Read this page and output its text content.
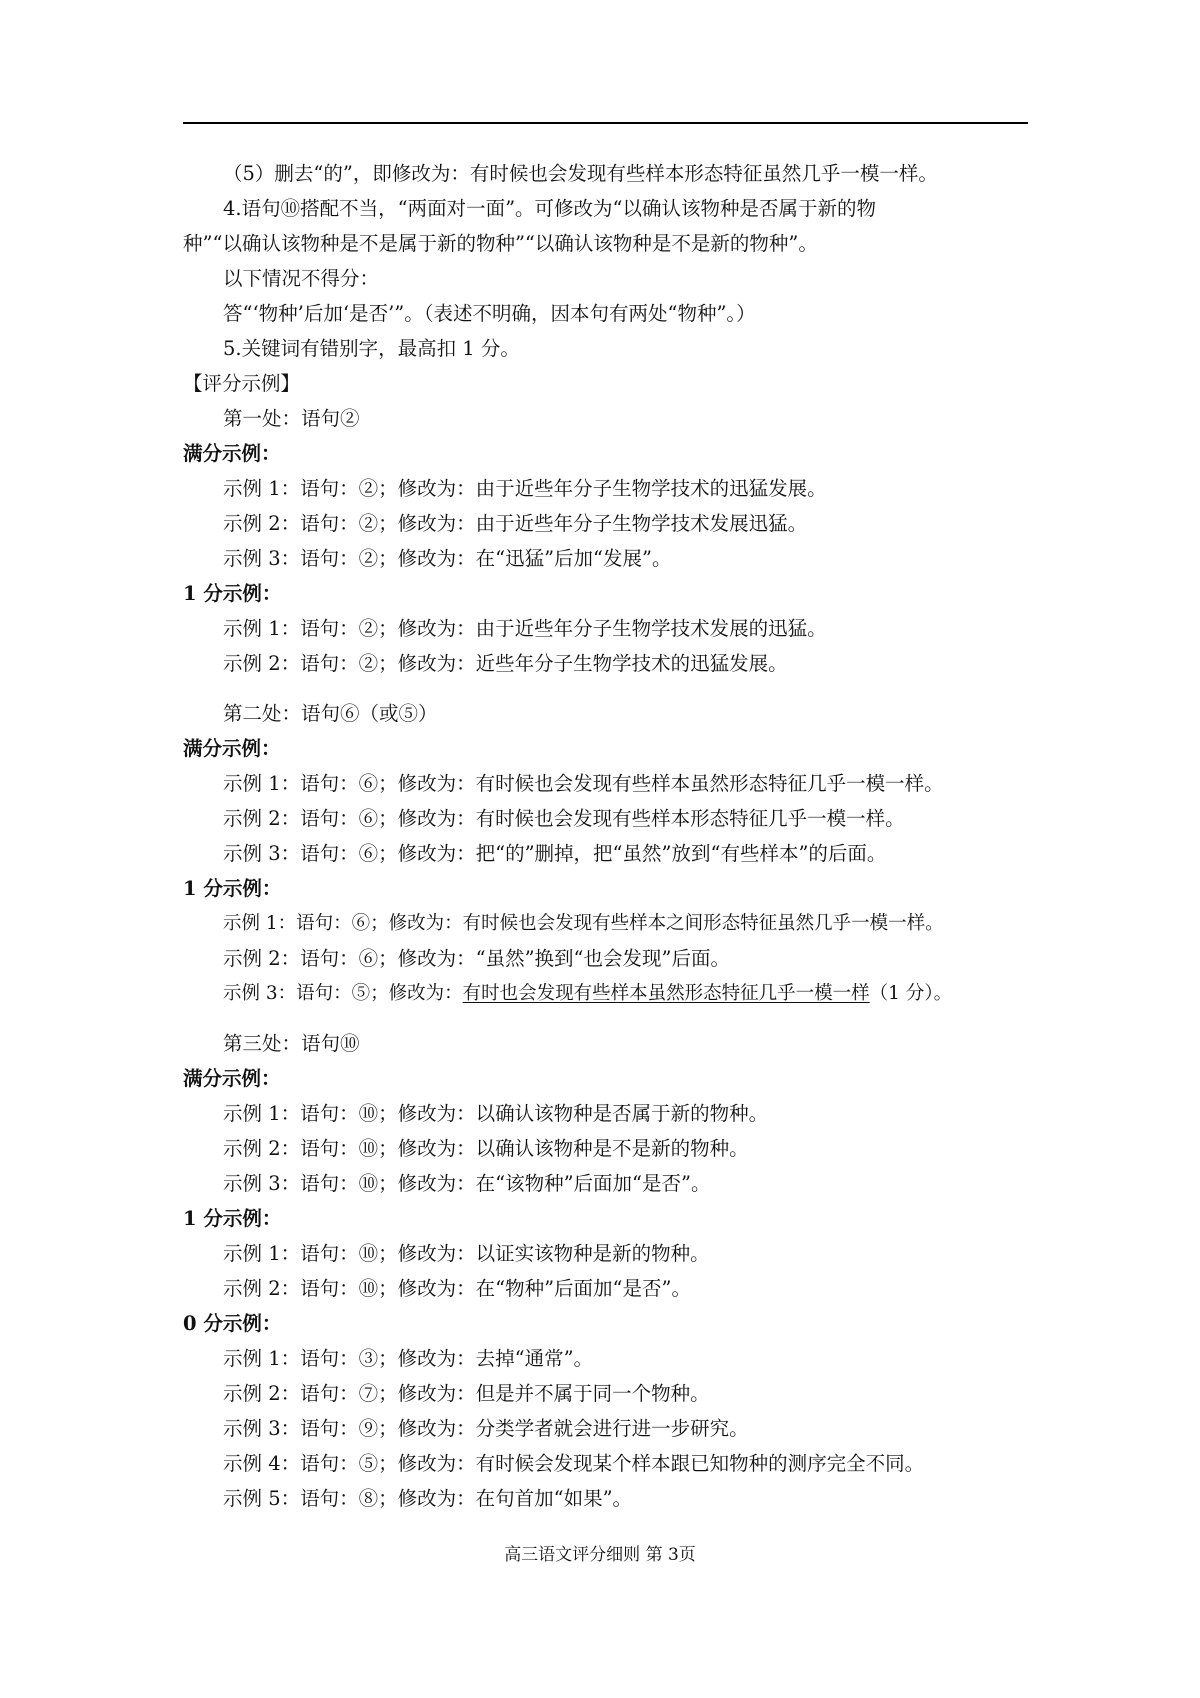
（5）删去“的”，即修改为：有时候也会发现有些样本形态特征虽然几乎一模一样。
4.语句⑩搭配不当，“两面对一面”。可修改为“以确认该物种是否属于新的物
种”“以确认该物种是不是属于新的物种”“以确认该物种是不是新的物种”。
以下情况不得分：
答“‘物种’后加‘是否’”。（表述不明确，因本句有两处“物种”。）
5.关键词有错别字，最高扣 1 分。
【评分示例】
第一处：语句②
满分示例：
示例 1：语句：②；修改为：由于近些年分子生物学技术的迅猛发展。
示例 2：语句：②；修改为：由于近些年分子生物学技术发展迅猛。
示例 3：语句：②；修改为：在“迅猛”后加“发展”。
1 分示例：
示例 1：语句：②；修改为：由于近些年分子生物学技术发展的迅猛。
示例 2：语句：②；修改为：近些年分子生物学技术的迅猛发展。
第二处：语句⑥（或⑤）
满分示例：
示例 1：语句：⑥；修改为：有时候也会发现有些样本虽然形态特征几乎一模一样。
示例 2：语句：⑥；修改为：有时候也会发现有些样本形态特征几乎一模一样。
示例 3：语句：⑥；修改为：把“的”删掉，把“虽然”放到“有些样本”的后面。
1 分示例：
示例 1：语句：⑥；修改为：有时候也会发现有些样本之间形态特征虽然几乎一模一样。
示例 2：语句：⑥；修改为：“虽然”换到“也会发现”后面。
示例 3：语句：⑤；修改为：有时也会发现有些样本虽然形态特征几乎一模一样（1 分）。
第三处：语句⑩
满分示例：
示例 1：语句：⑩；修改为：以确认该物种是否属于新的物种。
示例 2：语句：⑩；修改为：以确认该物种是不是新的物种。
示例 3：语句：⑩；修改为：在“该物种”后面加“是否”。
1 分示例：
示例 1：语句：⑩；修改为：以证实该物种是新的物种。
示例 2：语句：⑩；修改为：在“物种”后面加“是否”。
0 分示例：
示例 1：语句：③；修改为：去掉“通常”。
示例 2：语句：⑦；修改为：但是并不属于同一个物种。
示例 3：语句：⑨；修改为：分类学者就会进行进一步研究。
示例 4：语句：⑤；修改为：有时候会发现某个样本跟已知物种的测序完全不同。
示例 5：语句：⑧；修改为：在句首加“如果”。
高三语文评分细则 第 3页
